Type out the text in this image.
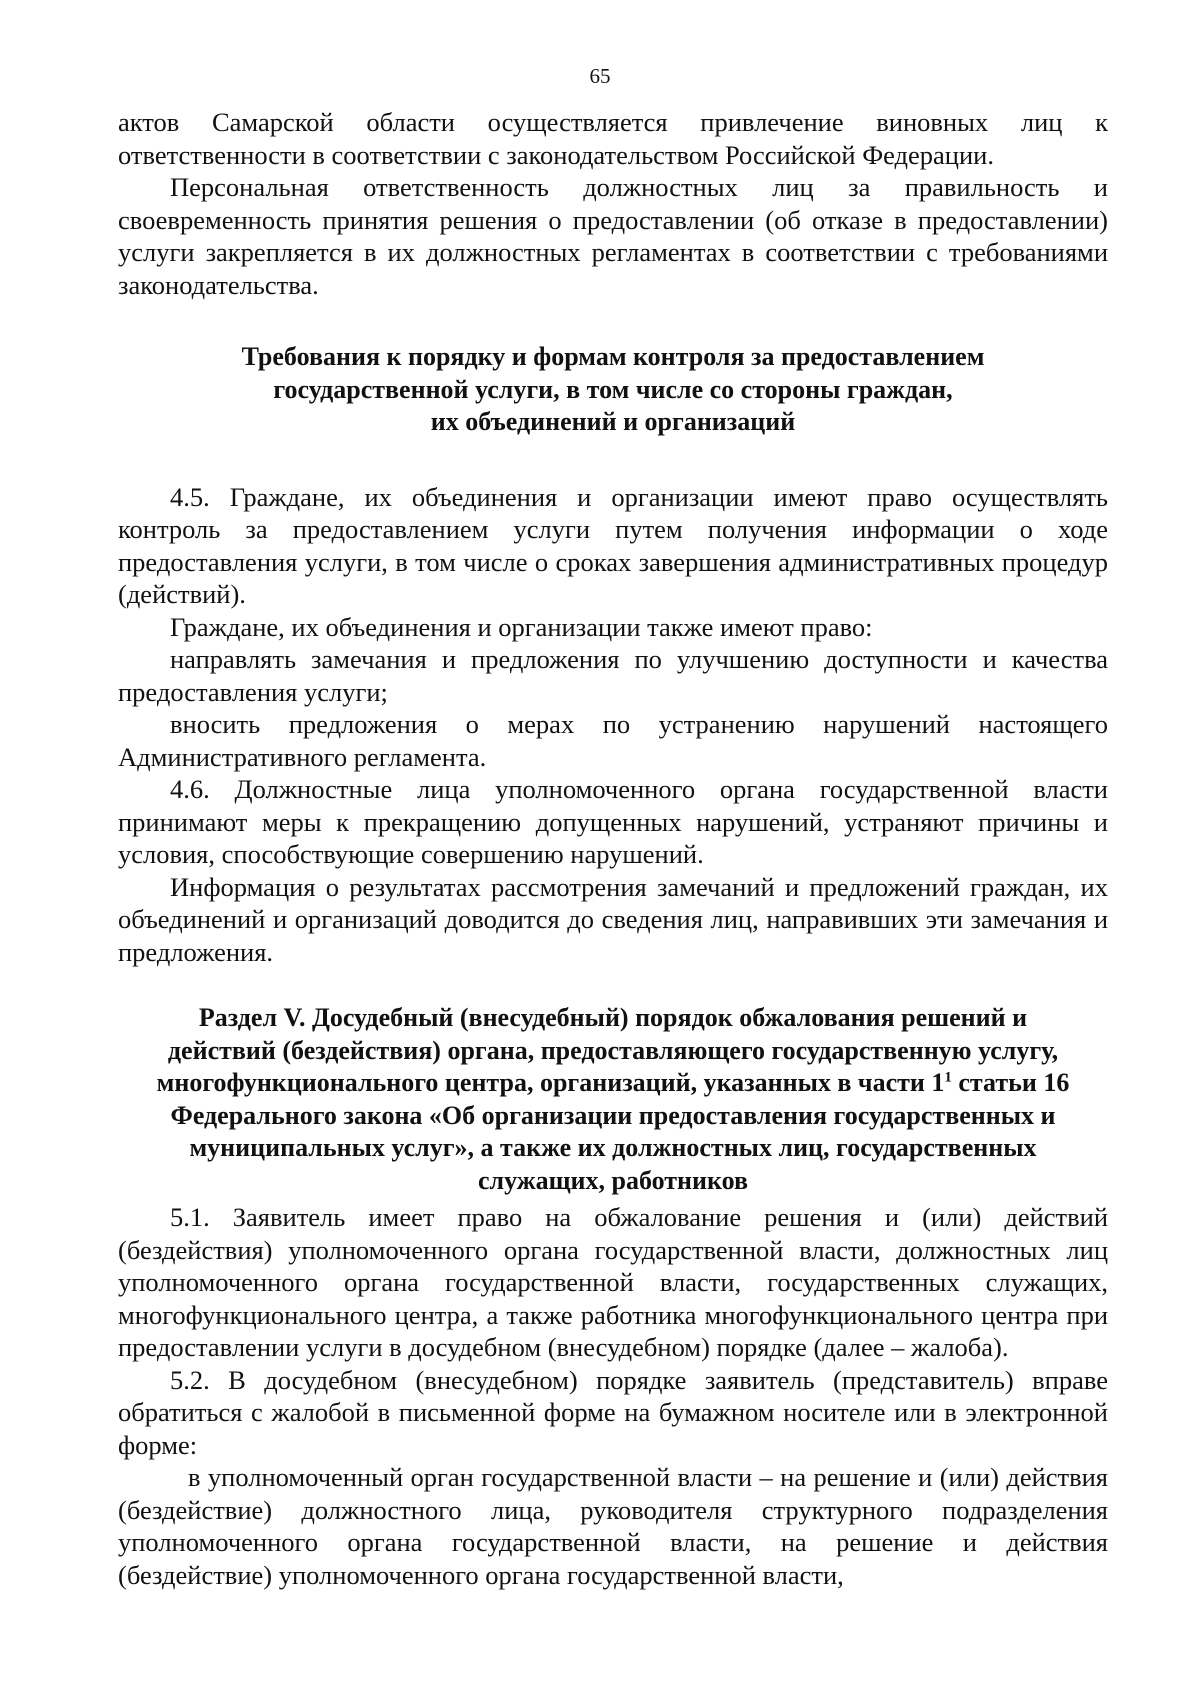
65

актов Самарской области осуществляется привлечение виновных лиц к ответственности в соответствии с законодательством Российской Федерации.

Персональная ответственность должностных лиц за правильность и своевременность принятия решения о предоставлении (об отказе в предоставлении) услуги закрепляется в их должностных регламентах в соответствии с требованиями законодательства.

Требования к порядку и формам контроля за предоставлением
государственной услуги, в том числе со стороны граждан,
их объединений и организаций

4.5. Граждане, их объединения и организации имеют право осуществлять контроль за предоставлением услуги путем получения информации о ходе предоставления услуги, в том числе о сроках завершения административных процедур (действий).

Граждане, их объединения и организации также имеют право:

направлять замечания и предложения по улучшению доступности и качества предоставления услуги;

вносить предложения о мерах по устранению нарушений настоящего Административного регламента.

4.6. Должностные лица уполномоченного органа государственной власти принимают меры к прекращению допущенных нарушений, устраняют причины и условия, способствующие совершению нарушений.

Информация о результатах рассмотрения замечаний и предложений граждан, их объединений и организаций доводится до сведения лиц, направивших эти замечания и предложения.

Раздел V. Досудебный (внесудебный) порядок обжалования решений и
действий (бездействия) органа, предоставляющего государственную услугу,
многофункционального центра, организаций, указанных в части $1^1$ статьи 16
Федерального закона «Об организации предоставления государственных и
муниципальных услуг», а также их должностных лиц, государственных
служащих, работников

5.1. Заявитель имеет право на обжалование решения и (или) действий (бездействия) уполномоченного органа государственной власти, должностных лиц уполномоченного органа государственной власти, государственных служащих, многофункционального центра, а также работника многофункционального центра при предоставлении услуги в досудебном (внесудебном) порядке (далее – жалоба).

5.2. В досудебном (внесудебном) порядке заявитель (представитель) вправе обратиться с жалобой в письменной форме на бумажном носителе или в электронной форме:

в уполномоченный орган государственной власти – на решение и (или) действия (бездействие) должностного лица, руководителя структурного подразделения уполномоченного органа государственной власти, на решение и действия (бездействие) уполномоченного органа государственной власти,
